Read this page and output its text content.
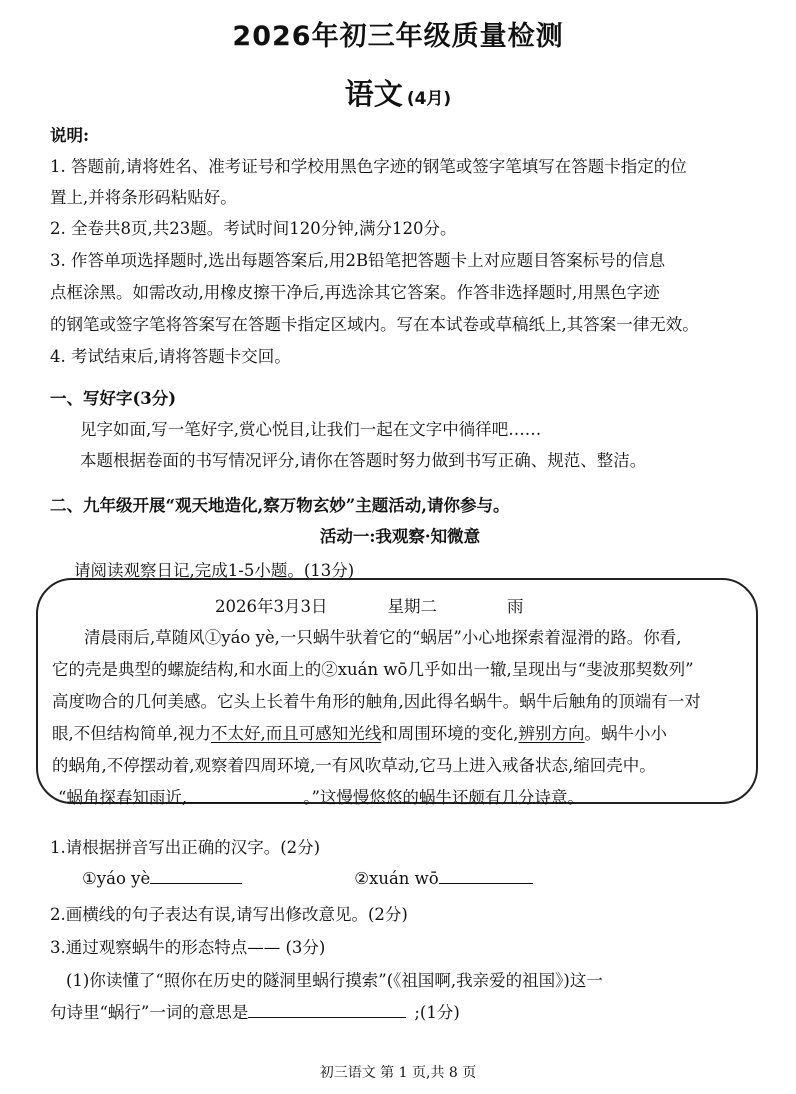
2026年初三年级质量检测
语文 (4月)
说明:
1. 答题前,请将姓名、准考证号和学校用黑色字迹的钢笔或签字笔填写在答题卡指定的位
置上,并将条形码粘贴好。
2. 全卷共8页,共23题。考试时间120分钟,满分120分。
3. 作答单项选择题时,选出每题答案后,用2B铅笔把答题卡上对应题目答案标号的信息
点框涂黑。如需改动,用橡皮擦干净后,再选涂其它答案。作答非选择题时,用黑色字迹
的钢笔或签字笔将答案写在答题卡指定区域内。写在本试卷或草稿纸上,其答案一律无效。
4. 考试结束后,请将答题卡交回。
一、写好字(3分)
见字如面,写一笔好字,赏心悦目,让我们一起在文字中徜徉吧……
本题根据卷面的书写情况评分,请你在答题时努力做到书写正确、规范、整洁。
二、九年级开展“观天地造化,察万物玄妙”主题活动,请你参与。
活动一:我观察·知微意
请阅读观察日记,完成1-5小题。(13分)
2026年3月3日	星期二	雨
清晨雨后,草随风①yáo yè,一只蜗牛驮着它的“蜗居”小心地探索着湿滑的路。你看,
它的壳是典型的螺旋结构,和水面上的②xuán wō几乎如出一辙,呈现出与“斐波那契数列”
高度吻合的几何美感。它头上长着牛角形的触角,因此得名蜗牛。蜗牛后触角的顶端有一对
眼,不但结构简单,视力不太好,而且可感知光线和周围环境的变化,辨别方向。蜗牛小小
的蜗角,不停摆动着,观察着四周环境,一有风吹草动,它马上进入戒备状态,缩回壳中。
“蜗角探春知雨近,	。”这慢慢悠悠的蜗牛还颇有几分诗意。
1.请根据拼音写出正确的汉字。(2分)
①yáo yè	②xuán wō
2.画横线的句子表达有误,请写出修改意见。(2分)
3.通过观察蜗牛的形态特点—— (3分)
(1)你读懂了“照你在历史的隧洞里蜗行摸索”(《祖国啊,我亲爱的祖国》)这一
句诗里“蜗行”一词的意思是	;(1分)
初三语文 第 1 页,共 8 页
